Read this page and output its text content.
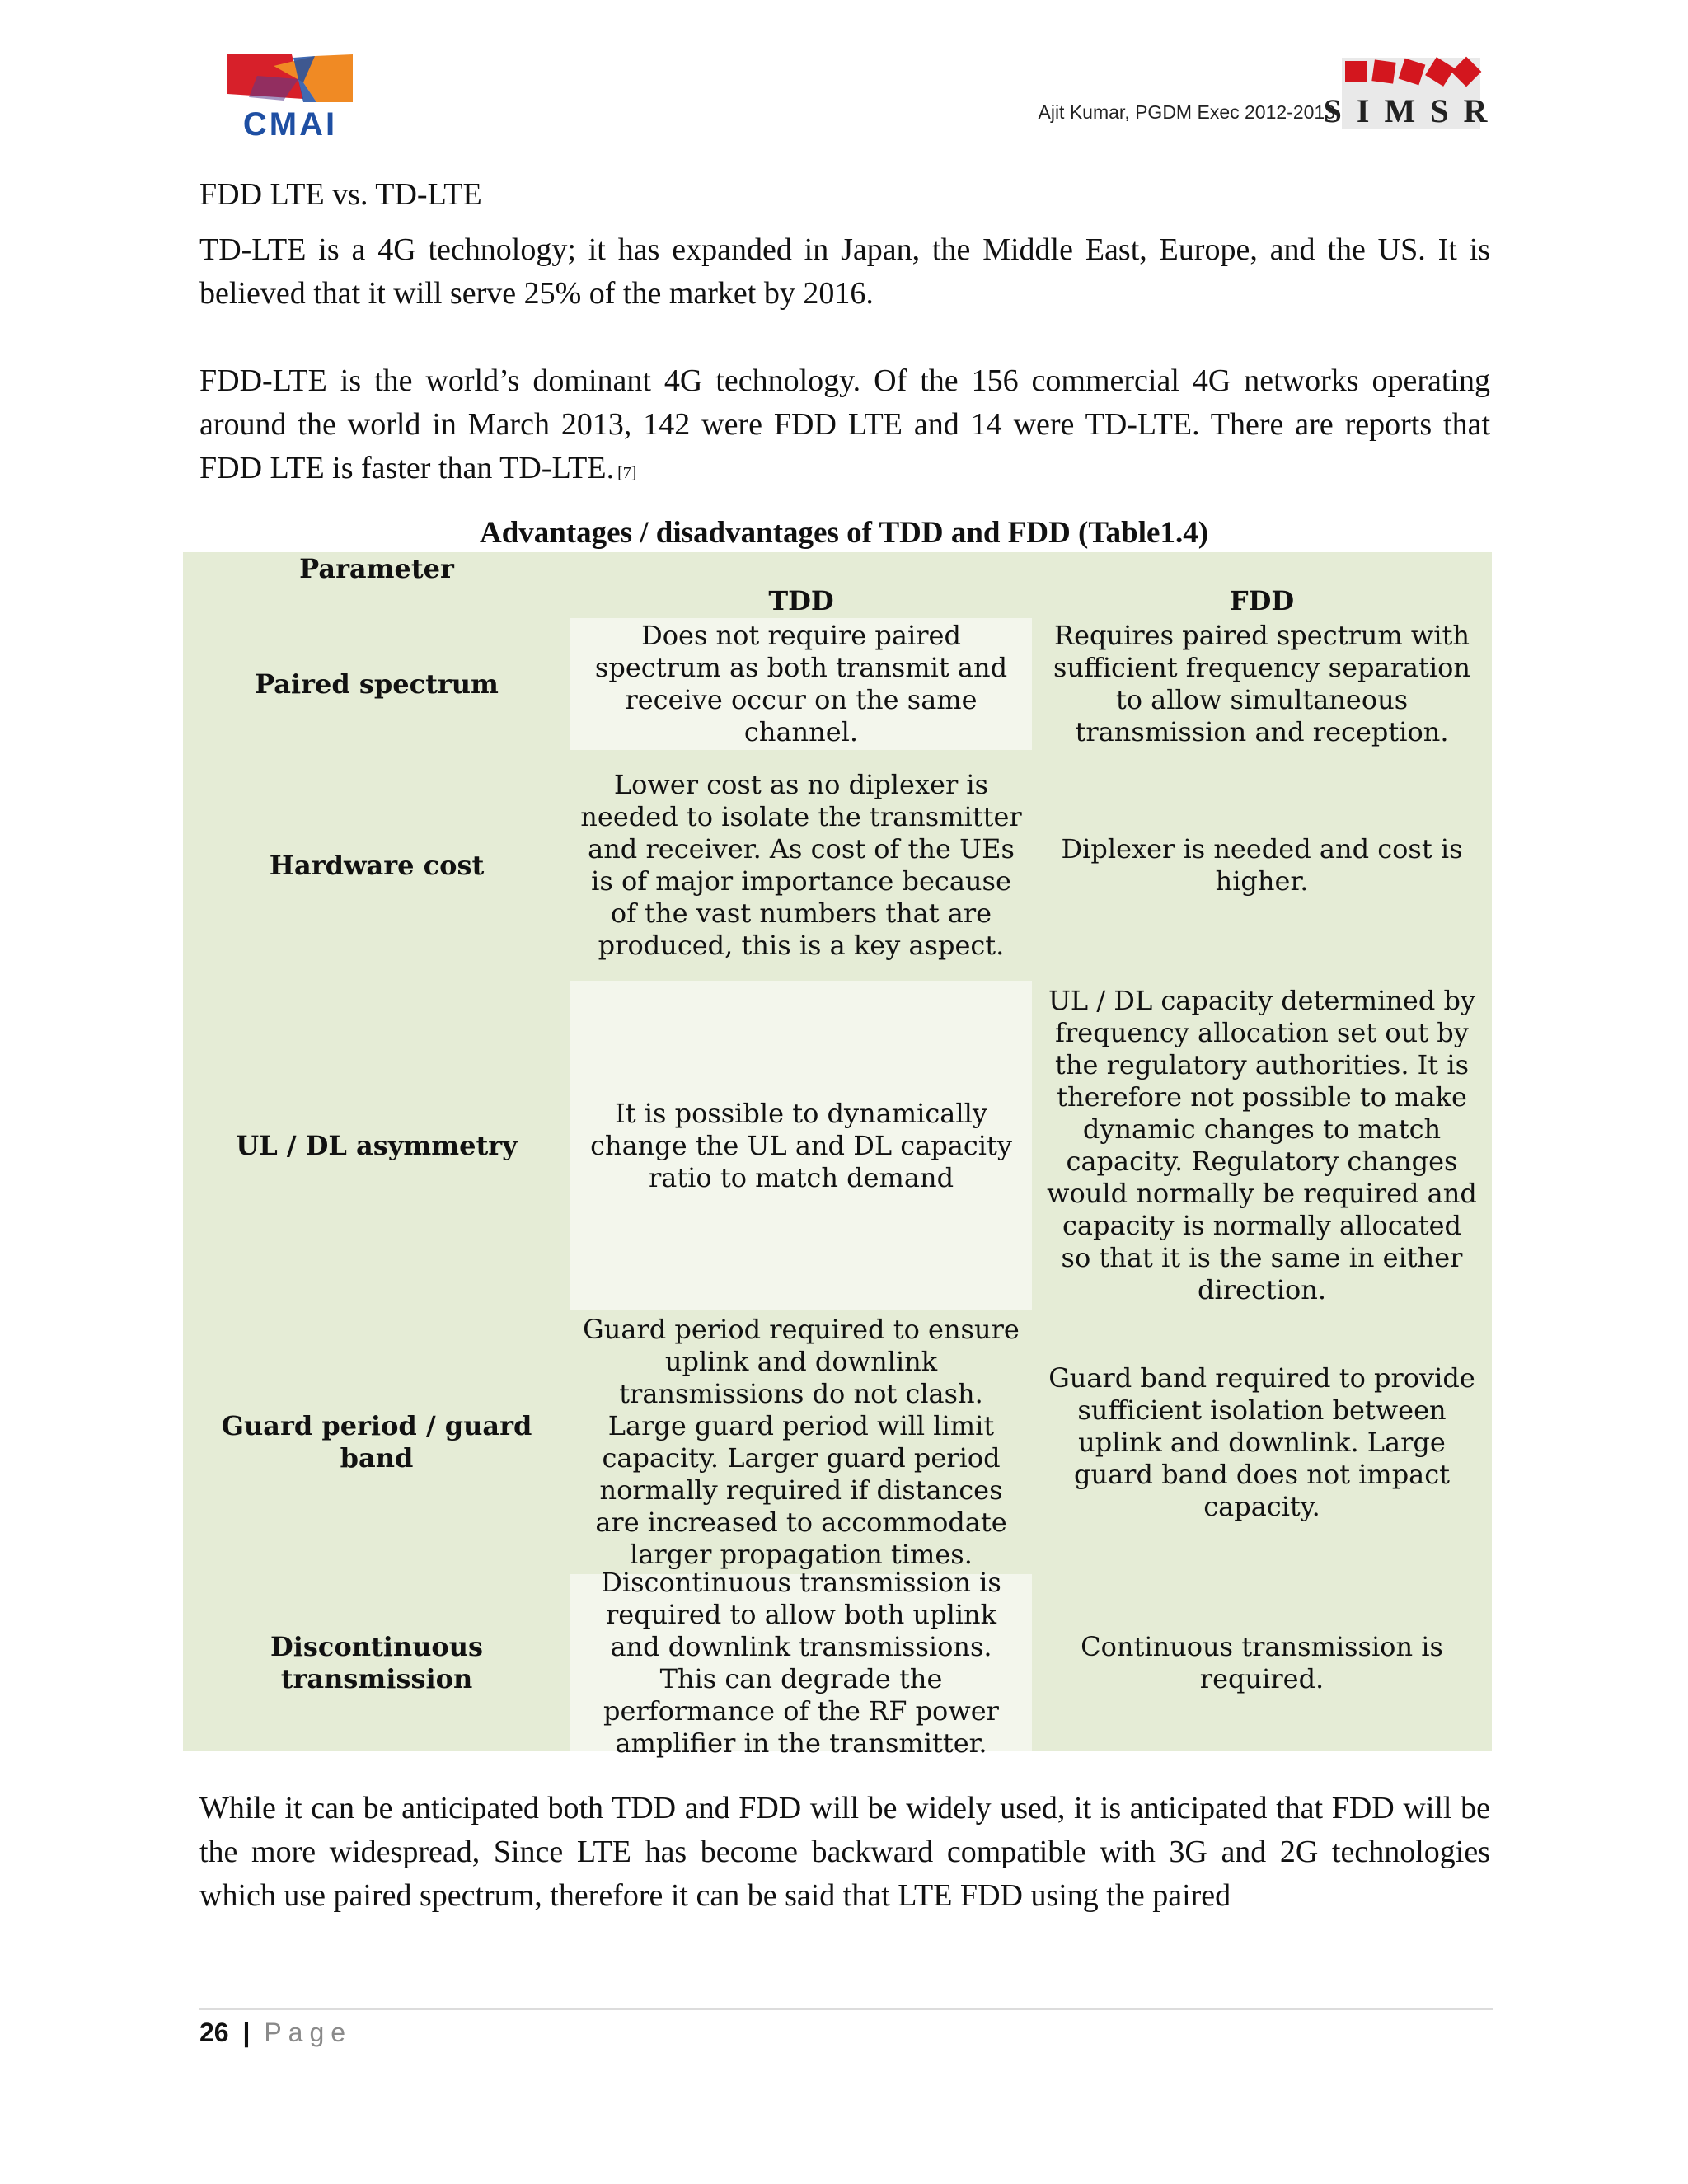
CMAI	Ajit Kumar, PGDM Exec 2012-2013
SIMSR
FDD LTE vs. TD-LTE

TD-LTE is a 4G technology; it has expanded in Japan, the Middle East, Europe, and the US. It is believed that it will serve 25% of the market by 2016.

FDD-LTE is the world’s dominant 4G technology. Of the 156 commercial 4G networks operating around the world in March 2013, 142 were FDD LTE and 14 were TD-LTE. There are reports that FDD LTE is faster than TD-LTE. [7]

Advantages / disadvantages of TDD and FDD (Table1.4)
Parameter
TDD	FDD
Paired spectrum
Does not require paired spectrum as both transmit and receive occur on the same channel.
Requires paired spectrum with sufficient frequency separation to allow simultaneous transmission and reception.
Hardware cost
Lower cost as no diplexer is needed to isolate the transmitter and receiver. As cost of the UEs is of major importance because of the vast numbers that are produced, this is a key aspect.
Diplexer is needed and cost is higher.
UL / DL asymmetry
It is possible to dynamically change the UL and DL capacity ratio to match demand
UL / DL capacity determined by frequency allocation set out by the regulatory authorities. It is therefore not possible to make dynamic changes to match capacity. Regulatory changes would normally be required and capacity is normally allocated so that it is the same in either direction.
Guard period / guard band
Guard period required to ensure uplink and downlink transmissions do not clash. Large guard period will limit capacity. Larger guard period normally required if distances are increased to accommodate larger propagation times.
Guard band required to provide sufficient isolation between uplink and downlink. Large guard band does not impact capacity.
Discontinuous transmission
Discontinuous transmission is required to allow both uplink and downlink transmissions. This can degrade the performance of the RF power amplifier in the transmitter.
Continuous transmission is required.

While it can be anticipated both TDD and FDD will be widely used, it is anticipated that FDD will be the more widespread, Since LTE has become backward compatible with 3G and 2G technologies which use paired spectrum, therefore it can be said that LTE FDD using the paired

26 | Page
